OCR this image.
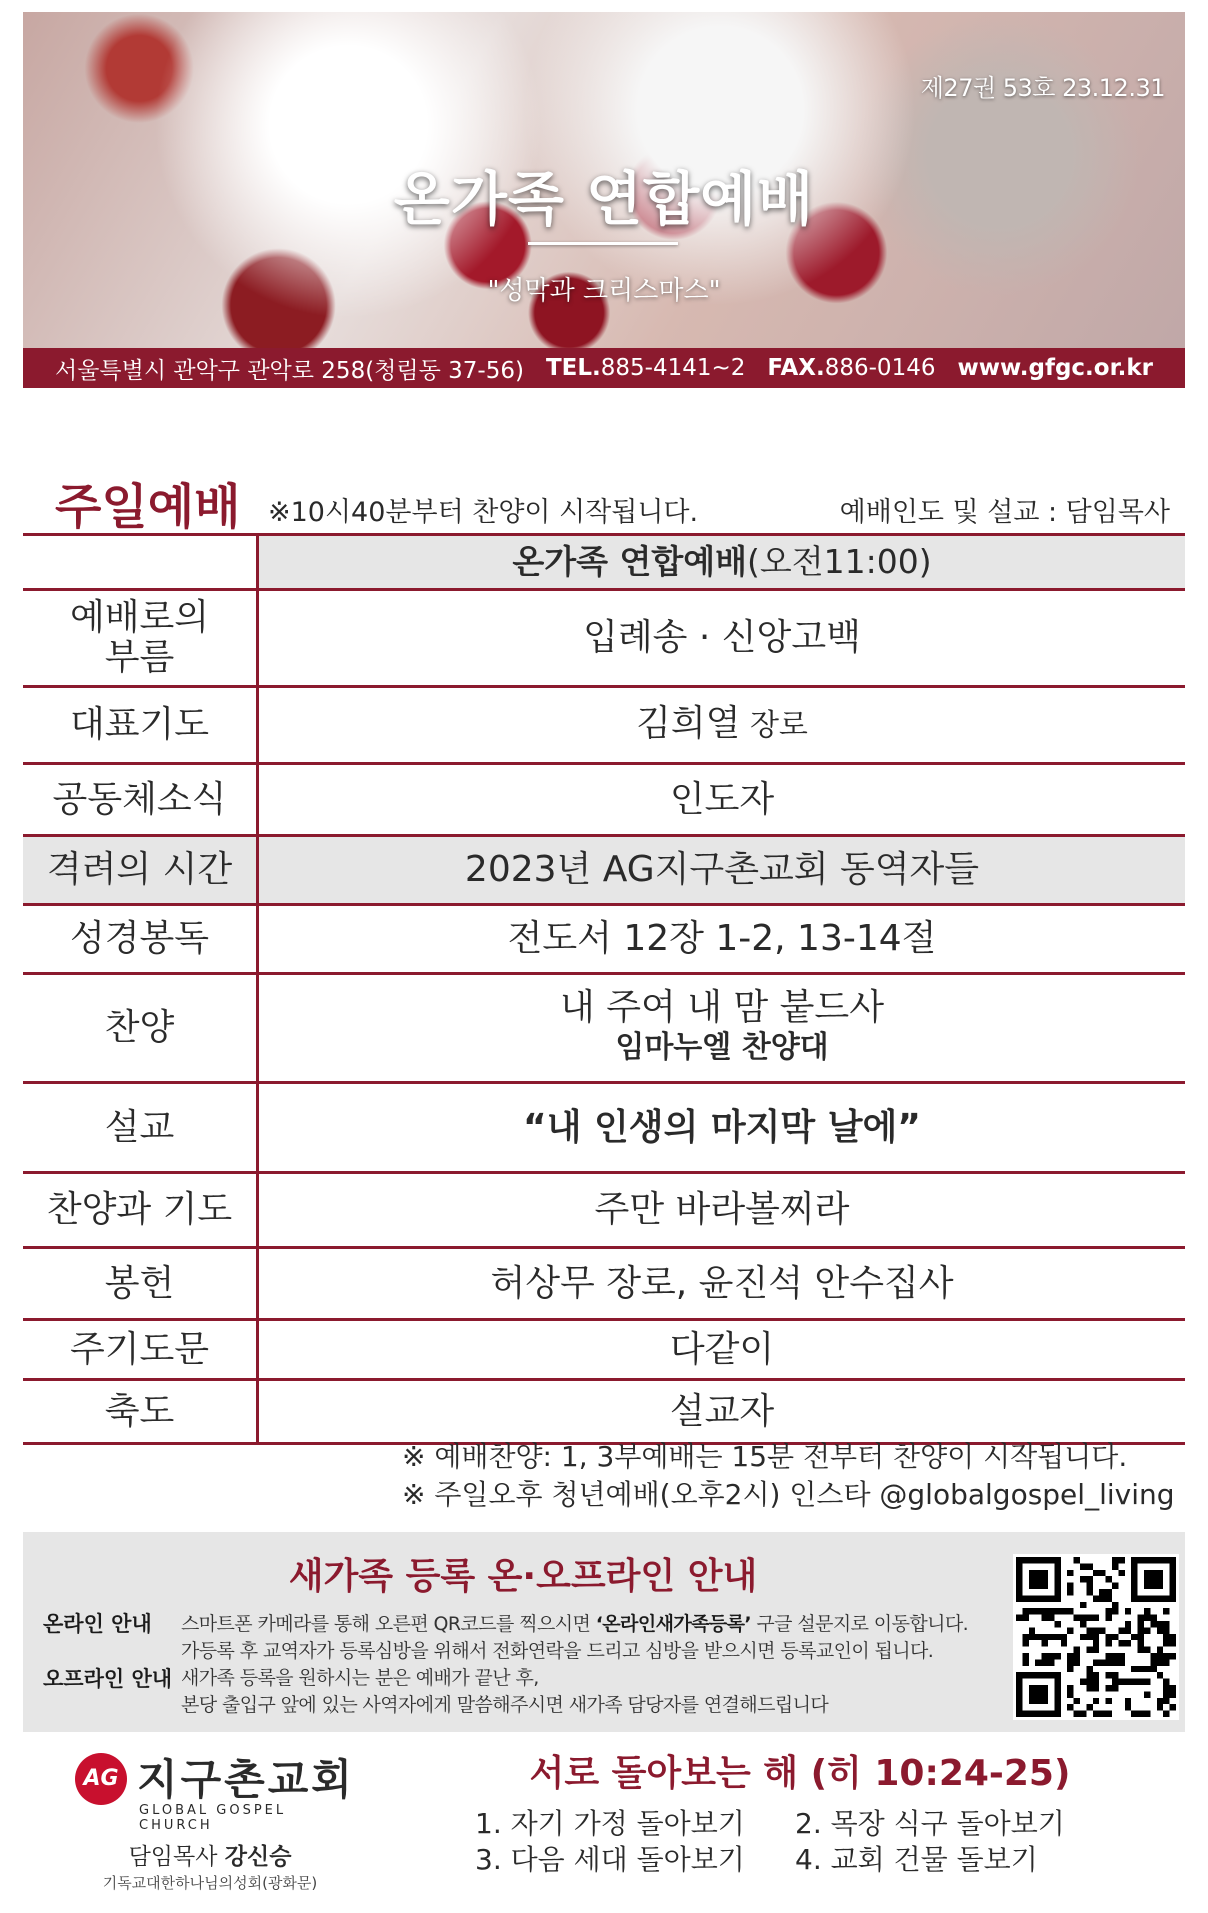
제27권 53호 23.12.31
온가족 연합예배
"성막과 크리스마스"
서울특별시 관악구 관악로 258(청림동 37-56) TEL.885-4141~2 FAX.886-0146 www.gfgc.or.kr
주일예배 ※10시40분부터 찬양이 시작됩니다.	예배인도 및 설교 : 담임목사
	온가족 연합예배(오전11:00)
예배로의
부름	입례송 · 신앙고백
대표기도	김희열 장로
공동체소식	인도자
격려의 시간	2023년 AG지구촌교회 동역자들
성경봉독	전도서 12장 1-2, 13-14절
찬양	내 주여 내 맘 붙드사
임마누엘 찬양대

설교	“내 인생의 마지막 날에”
찬양과 기도	주만 바라볼찌라
봉헌	허상무 장로, 윤진석 안수집사
주기도문	다같이
축도	설교자
※ 예배찬양: 1, 3부예배는 15분 전부터 찬양이 시작됩니다.
※ 주일오후 청년예배(오후2시) 인스타 @globalgospel_living
새가족 등록 온·오프라인 안내
온라인 안내 스마트폰 카메라를 통해 오른편 QR코드를 찍으시면 ‘온라인새가족등록’ 구글 설문지로 이동합니다.
가등록 후 교역자가 등록심방을 위해서 전화연락을 드리고 심방을 받으시면 등록교인이 됩니다.
오프라인 안내 새가족 등록을 원하시는 분은 예배가 끝난 후,
본당 출입구 앞에 있는 사역자에게 말씀해주시면 새가족 담당자를 연결해드립니다
AG 지구촌교회
GLOBAL GOSPEL CHURCH
담임목사 강신승
기독교대한하나님의성회(광화문)
서로 돌아보는 해 (히 10:24-25)
1. 자기 가정 돌아보기 2. 목장 식구 돌아보기
3. 다음 세대 돌아보기 4. 교회 건물 돌보기
